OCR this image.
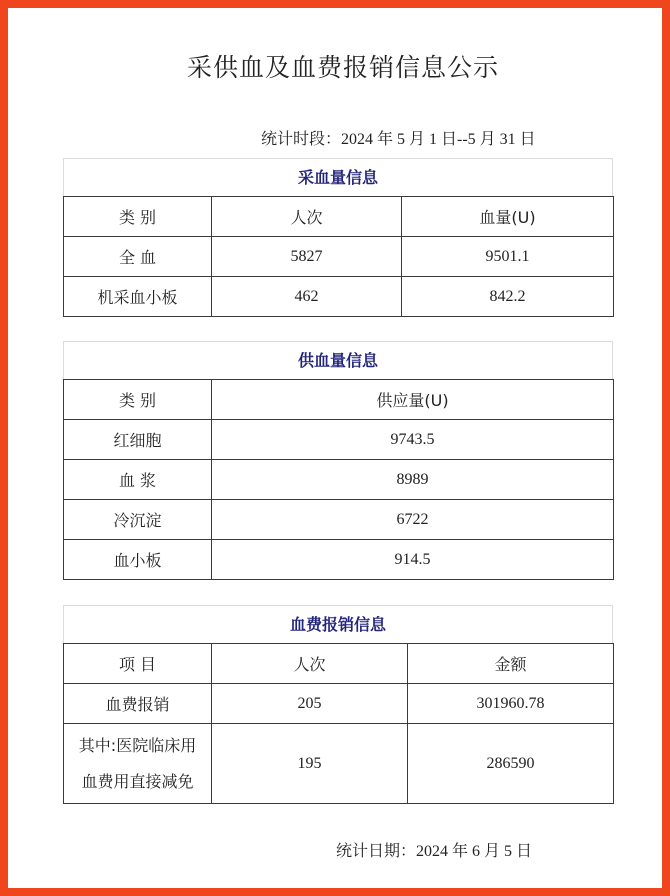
采供血及血费报销信息公示
统计时段：2024 年 5 月 1 日--5 月 31 日
采血量信息
类 别	人次	血量(U)
全 血	5827	9501.1
机采血小板	462	842.2
供血量信息
类 别	供应量(U)
红细胞	9743.5
血 浆	8989
冷沉淀	6722
血小板	914.5
血费报销信息
项 目	人次	金额
血费报销	205	301960.78

其中:医院临床用
血费用直接减免	195	286590
统计日期：2024 年 6 月 5 日
